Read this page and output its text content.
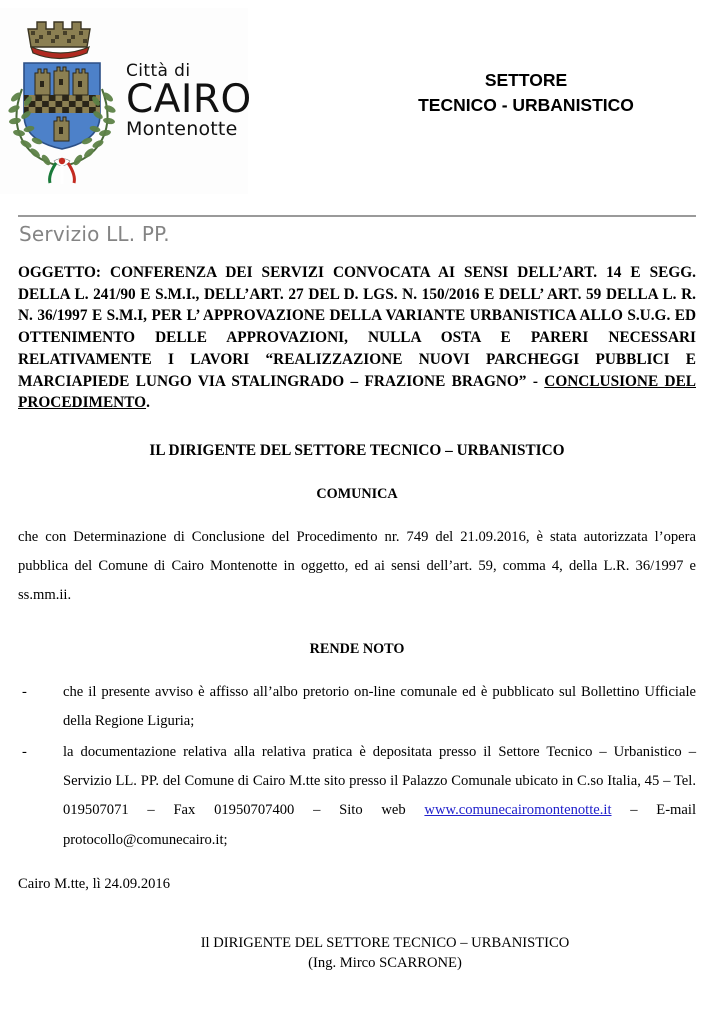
Città di
CAIRO
Montenotte
SETTORE
TECNICO - URBANISTICO
Servizio LL. PP.

OGGETTO: CONFERENZA DEI SERVIZI CONVOCATA AI SENSI DELL’ART. 14 E SEGG. DELLA L. 241/90 E S.M.I., DELL’ART. 27 DEL D. LGS. N. 150/2016 E DELL’ ART. 59 DELLA L. R. N. 36/1997 E S.M.I, PER L’ APPROVAZIONE DELLA VARIANTE URBANISTICA ALLO S.U.G. ED OTTENIMENTO DELLE APPROVAZIONI, NULLA OSTA E PARERI NECESSARI RELATIVAMENTE I LAVORI “REALIZZAZIONE NUOVI PARCHEGGI PUBBLICI E MARCIAPIEDE LUNGO VIA STALINGRADO – FRAZIONE BRAGNO” - CONCLUSIONE DEL PROCEDIMENTO.

IL DIRIGENTE DEL SETTORE TECNICO – URBANISTICO

COMUNICA

che con Determinazione di Conclusione del Procedimento nr. 749 del 21.09.2016, è stata autorizzata l’opera pubblica del Comune di Cairo Montenotte in oggetto, ed ai sensi dell’art. 59, comma 4, della L.R. 36/1997 e ss.mm.ii.

RENDE NOTO

- che il presente avviso è affisso all’albo pretorio on-line comunale ed è pubblicato sul Bollettino Ufficiale della Regione Liguria;
- la documentazione relativa alla relativa pratica è depositata presso il Settore Tecnico – Urbanistico – Servizio LL. PP. del Comune di Cairo M.tte sito presso il Palazzo Comunale ubicato in C.so Italia, 45 – Tel. 019507071 – Fax 01950707400 – Sito web www.comunecairomontenotte.it – E-mail protocollo@comunecairo.it;

Cairo M.tte, lì 24.09.2016

Il DIRIGENTE DEL SETTORE TECNICO – URBANISTICO
(Ing. Mirco SCARRONE)
